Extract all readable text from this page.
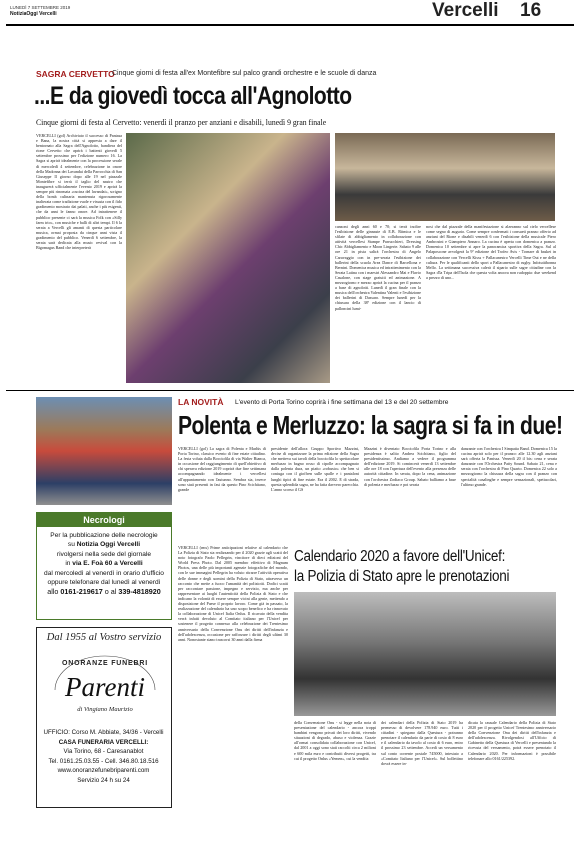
LUNEDÌ 7 SETTEMBRE 2019
NotiziaOggi Vercelli	Vercelli 16
SAGRA CERVETTO
Cinque giorni di festa all'ex Montefibre sul palco grandi orchestre e le scuole di danza
...E da giovedì tocca all'Agnolotto
Cinque giorni di festa al Cervetto: venerdì il pranzo per anziani e disabili, lunedì 9 gran finale
VERCELLI (gol) Archiviato il successo di Pantasa e Bana, la nostra città si appresta a dare il bentornato alla Sagra dell'Agnolotto, bandiera del rione Cervetto che aprirà i battenti giovedì 5 settembre prossimo per l'edizione numero 16. La Sagra si aprirà idealmente con la processione serale di mercoledì 4 settembre, celebrazione in onore della Madonna dei Lavandai della Parrocchia di San Giuseppe Il giorno dopo alle 19 nel piazzale Montefibre si terrà il taglio del nastro che inaugurerà ufficialmente l'evento 2019 e aprirà la sempre più rinomata «cucina del lavandai», scrigno della bontà culinaria mantenuta rigorosamente inalterata come tradizione vuole e vissuta con il fido gradimento mostrato dai palati, anche i più esigenti, che da anni le fanno onore. Ad intrattenere il pubblico presente ci sarà la musica Folk con «Silly farm trio», con musiche e balli di altri tempi. Il 6 la serata a Vercelli gli amanti di questa particolare musica, ormai proposta da cinque anni vista il gradimento del pubblico. Venerdì 6 settembre, la serata sarà dedicata alla music revival con la Bigomagus Band che interpreterà
canzoni degli anni 60 e 70; si terrà inoltre l'esibizione delle ginnaste di E.B. Ritmica e le sfilate di abbigliamento in collaborazione con attività vercellesi Stampe Parrucchieri, Dressing Chic Abbigliamento e Moon Lingerie. Sabato 9 alle ore 21 in pista salirà l'orchestra di Angelo Caravaggio con in pre-serata l'esibizione dei ballerini della scuola Area Dance di Barcellona e Bernini. Domenica musica ed intrattenimento con la Serata Latina con i maestri Alessandro Mai e Flavio Casalone, con stage gratuiti ed animazione. A mezzogiorno e mezzo aprirà la cucina per il pranzo a base di agnolotti. Lunedì il gran finale con la musica dell'orchestra Valentina Valenti e l'esibizione dei ballerini di Dassaro. Sempre lunedì per la chiusura della 38ª edizione con il lancio di palloncini lumi-
nosi che dal piazzale della manifestazione si alzeranno sul cielo vercellese come segno di augurio. Come sempre confermati i consueti pranzo offerto ad anziani del Rione e disabili venerdì 6 con l'esibizione della musicale Piero Ambrosini e Giampiero Annaro. La cucina è aperta con domenica a pranzo. Domenica 10 settembre si apre la panoramica sportiva della Sagra. Sul al Palaposcone avvolgerà la 9ª edizione del Trofeo Avis - Tornare di basket in collaborazione con Vercelli Kisss + Pallacanestro Vercelli Time Out e ne della cultura. Per le qualificanti dello sport a Pallacanestro di rugby. Infotuttibonna Mello. La settimana successiva calerà il sipario sulle sagre cittadine con la Sagra d'la Tripa dell'Isola che questa volta ancora non rudoppia: due weekend a prezzo di uno...
LA NOVITÀ L'evento di Porta Torino coprirà i fine settimana del 13 e del 20 settembre
Polenta e Merluzzo: la sagra si fa in due!
VERCELLI (gol) La sagra di Polenta e Marlüs di Porta Torino, classico evento di fine estate cittadino. La festa voluta dalla Bocciofila di via Walter Bianca, in occasione del raggiungimento di quell'obiettivo di chi sperava edizione 2019 coprirà due fine settimana accompagnando idealmente i vercellesi all'appuntamento con l'autunno. Sembra sia, invece sono stati presenti in fasi da questo Pino Scichitano, grande
presidente dell'allora Gruppo Sportivo Mazzini, decise di organizzare la prima edizione della Sagra che metteva sui tavoli della bocciofila lo spettacolare merluzzo in bagno rosso di cipolle accompagnato dalla polenta dura, un piatto «robusto» che ben si coniuga con il gioffren sulle spalle e i pantaloni lunghi tipici di fine estate. Era il 2002. E di strada, questa splendida sagra, ne ha fatta davvero parecchia. L'anno scorso il GS
Mazzini è diventato Bocciofila Porta Torino e alla presidenza è salito Andrea Scichitano, figlio del presidentissimo. Andiamo a vedere il programma dell'edizione 2019. Si comincerà venerdì 13 settembre alle ore 18 con l'apertura dell'evento alla presenza delle autorità cittadine. In serata, dopo la cena, animazione con l'orchestra Zodiaco Group. Sabato balliamo a base di polenta e merluzzo e poi serata
danzante con l'orchestra I Simpatia Band. Domenica 15 la cucina aprirà solo per il pranzo: alle 12.30 agli anziani sarà offerta la Panissa. Venerdì 20 il bis: cena e serata danzante con l'Orchestra Patty Sound. Sabato 21, cena e serata con l'orchestra di Pino Quarto. Domenica 22 solo a mezzogiorno la chiusura della sagra con il pranzo con specialità casalinghe e sempre sensazionali, spettacolari, l'ultimo grande.
Necrologi
Per la pubblicazione delle necrologie
su Notizia Oggi Vercelli
rivolgersi nella sede del giornale
in via E. Foà 60 a Vercelli
dal mercoledì al venerdì in orario d'ufficio
oppure telefonare dal lunedì al venerdì
allo 0161-219617 o al 339-4818920
Dal 1955 al Vostro servizio
ONORANZE FUNEBRI
Parenti
di Vingiano Maurizio
UFFICIO: Corso M. Abbiate, 34/36 - Vercelli
CASA FUNERARIA VERCELLI:
Via Torino, 68 - Caresanablot
Tel. 0161.25.03.55 - Cell. 346.80.18.516
www.onoranzefunebriparenti.com
Servizio 24 h su 24
VERCELLI (rms) Prime anticipazioni relative al calendario che La Polizia di Stato sta realizzando per il 2020 grazie agli scatti del noto fotografo Paolo Pellegrin, vincitore di dieci edizioni del World Press Photo. Dal 2005 membro effettivo di Magnum Photos, una delle più importanti agenzie fotografiche del mondo, con le sue immagini Pellegrin ha voluto ritrarre l'attività operativa delle donne e degli uomini della Polizia di Stato, attraverso un racconto che mette a fuoco l'umanità dei poliziotti. Dodici scatti per raccontare passione, impegno e servizio, ma anche per rappresentare ai luoghi l'autenticità della Polizia di Stato e che indicano la volontà di essere sempre vicini alla gente, mettendo a disposizione del Paese il proprio lavoro. Come già in passato, la realizzazione del calendario ha uno scopo benefico e ha rinnovato la collaborazione di Unicef Italia Onlus. Il ricavato della vendita verrà infatti devoluto al Comitato italiano per l'Unicef per sostenere il progetto connesso alla celebrazione dei Trentesimo anniversario della Convenzione Onu dei diritti dell'infanzia e dell'adolescenza, occasione per rafforzare i diritti degli ultimi 30 anni. Nonostante siano trascorsi 30 anni dalla firma
Calendario 2020 a favore dell'Unicef:
la Polizia di Stato apre le prenotazioni
della Convenzione Onu - si legge nella nota di presentazione del calendario - ancora troppi bambini vengono privati dei loro diritti, vivendo situazioni di degrado, abuso e violenza. Grazie all'ormai consolidata collaborazione con Unicef, dal 2001 a oggi sono stati raccolti circa 2 milioni e 600 mila euro e contribuiti diversi progetti, tra cui il progetto Onlus «Yemen», cui la vendita
dei calendari della Polizia di Stato 2019 ha permesso di devolvere 178.940 euro. Tutti i cittadini - spiegano dalla Questura - potranno prenotare il calendario da parte di costo di 8 euro e il calendario da tavolo al costo di 6 euro, entro il prossimo 23 settembre. Accedi un versamento sul conto corrente postale 745000, intestato a «Comitato Italiano per l'Unicef». Sul bollettino dovrà essere in-
dicata la causale Calendario della Polizia di Stato 2020 per il progetto Unicef Trentesimo anniversario della Convenzione Onu dei diritti dell'infanzia e dell'adolescenza. Rivolgendosi all'Ufficio di Gabinetto della Questura di Vercelli e presentando la ricevuta del versamento, potrà essere prenotato il Calendario 2020. Per informazioni è possibile telefonare allo 0161/225392.
